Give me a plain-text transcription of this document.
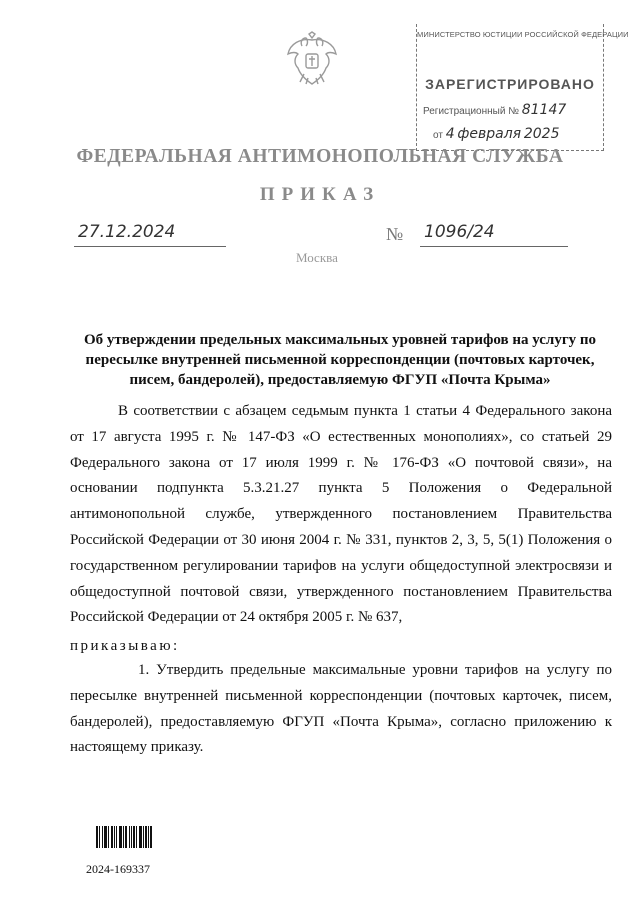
МИНИСТЕРСТВО ЮСТИЦИИ РОССИЙСКОЙ ФЕДЕРАЦИИ
ЗАРЕГИСТРИРОВАНО
Регистрационный № 81147
от 4 февраля 2025
ФЕДЕРАЛЬНАЯ АНТИМОНОПОЛЬНАЯ СЛУЖБА
ПРИКАЗ
27.12.2024	№ 1096/24
Москва
Об утверждении предельных максимальных уровней тарифов на услугу по пересылке внутренней письменной корреспонденции (почтовых карточек, писем, бандеролей), предоставляемую ФГУП «Почта Крыма»
В соответствии с абзацем седьмым пункта 1 статьи 4 Федерального закона от 17 августа 1995 г. № 147-ФЗ «О естественных монополиях», со статьей 29 Федерального закона от 17 июля 1999 г. № 176-ФЗ «О почтовой связи», на основании подпункта 5.3.21.27 пункта 5 Положения о Федеральной антимонопольной службе, утвержденного постановлением Правительства Российской Федерации от 30 июня 2004 г. № 331, пунктов 2, 3, 5, 5(1) Положения о государственном регулировании тарифов на услуги общедоступной электросвязи и общедоступной почтовой связи, утвержденного постановлением Правительства Российской Федерации от 24 октября 2005 г. № 637,
приказываю:
1. Утвердить предельные максимальные уровни тарифов на услугу по пересылке внутренней письменной корреспонденции (почтовых карточек, писем, бандеролей), предоставляемую ФГУП «Почта Крыма», согласно приложению к настоящему приказу.
2024-169337
